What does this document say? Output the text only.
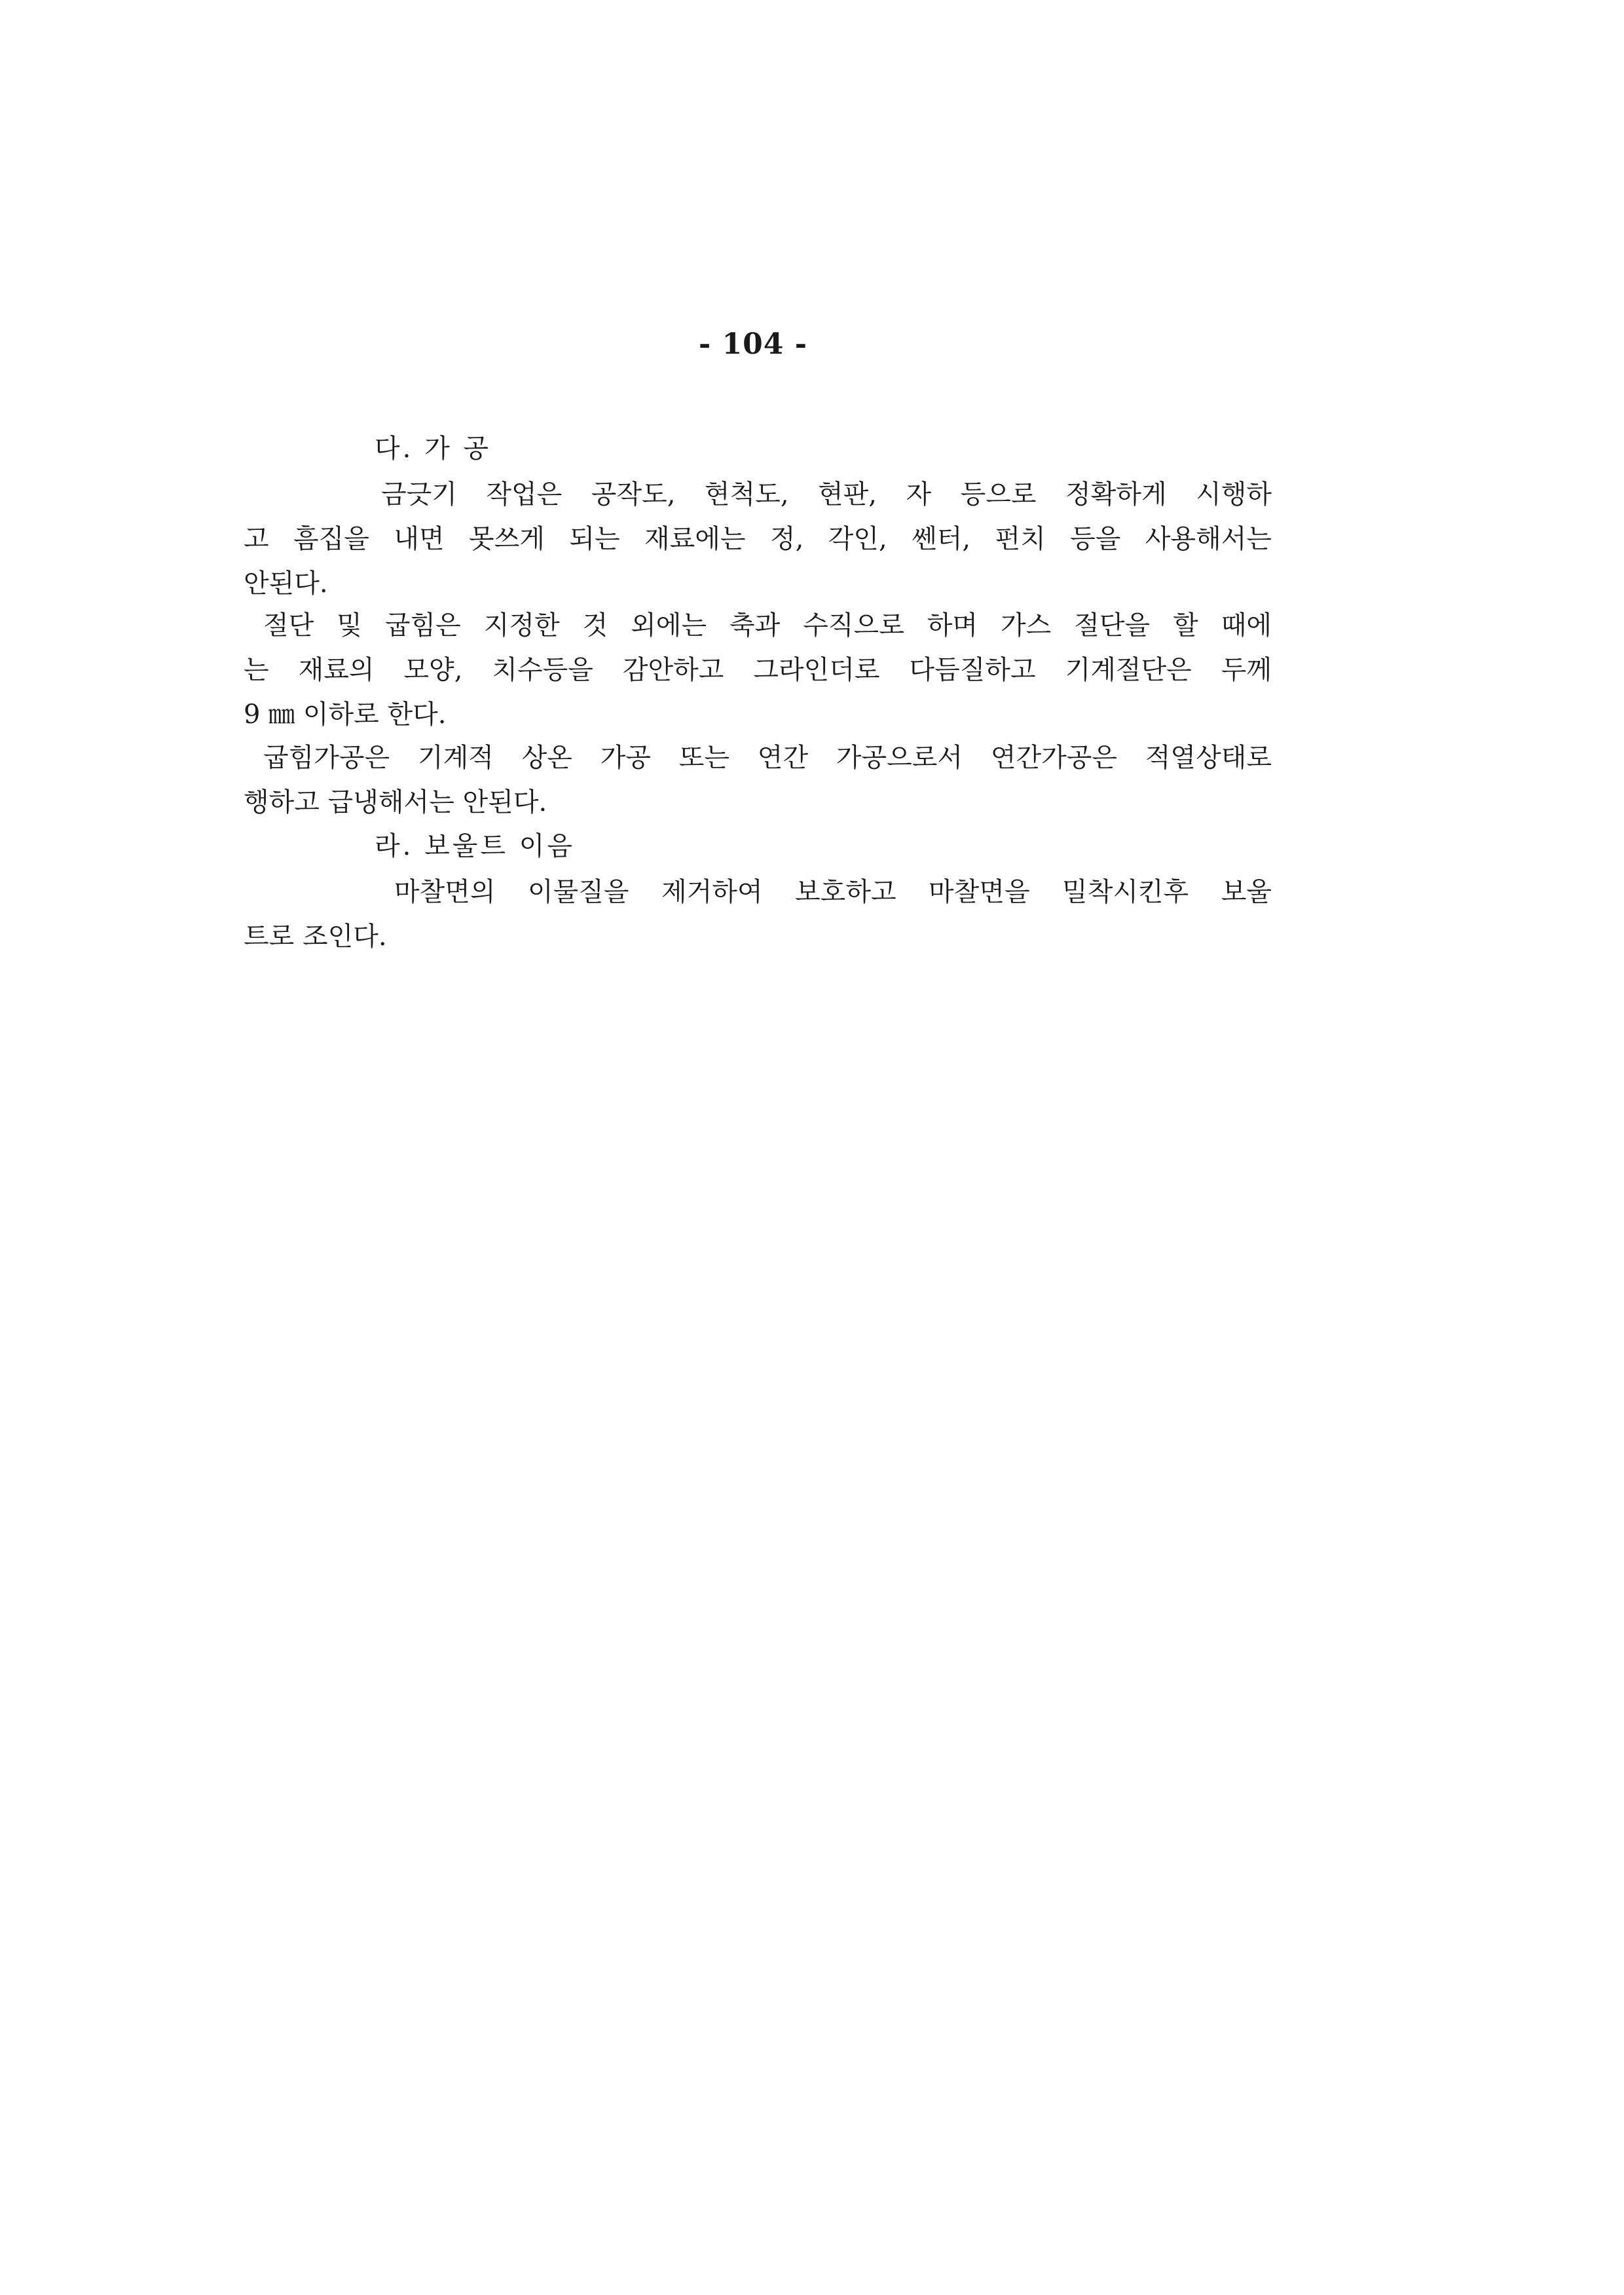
- 104 -
다. 가 공
금긋기 작업은 공작도, 현척도, 현판, 자 등으로 정확하게 시행하
고 흠집을 내면 못쓰게 되는 재료에는 정, 각인, 쎈터, 펀치 등을 사용해서는
안된다.
절단 및 굽힘은 지정한 것 외에는 축과 수직으로 하며 가스 절단을 할 때에
는 재료의 모양, 치수등을 감안하고 그라인더로 다듬질하고 기계절단은 두께
9 ㎜ 이하로 한다.
굽힘가공은 기계적 상온 가공 또는 연간 가공으로서 연간가공은 적열상태로
행하고 급냉해서는 안된다.
라. 보울트 이음
마찰면의 이물질을 제거하여 보호하고 마찰면을 밀착시킨후 보울
트로 조인다.
